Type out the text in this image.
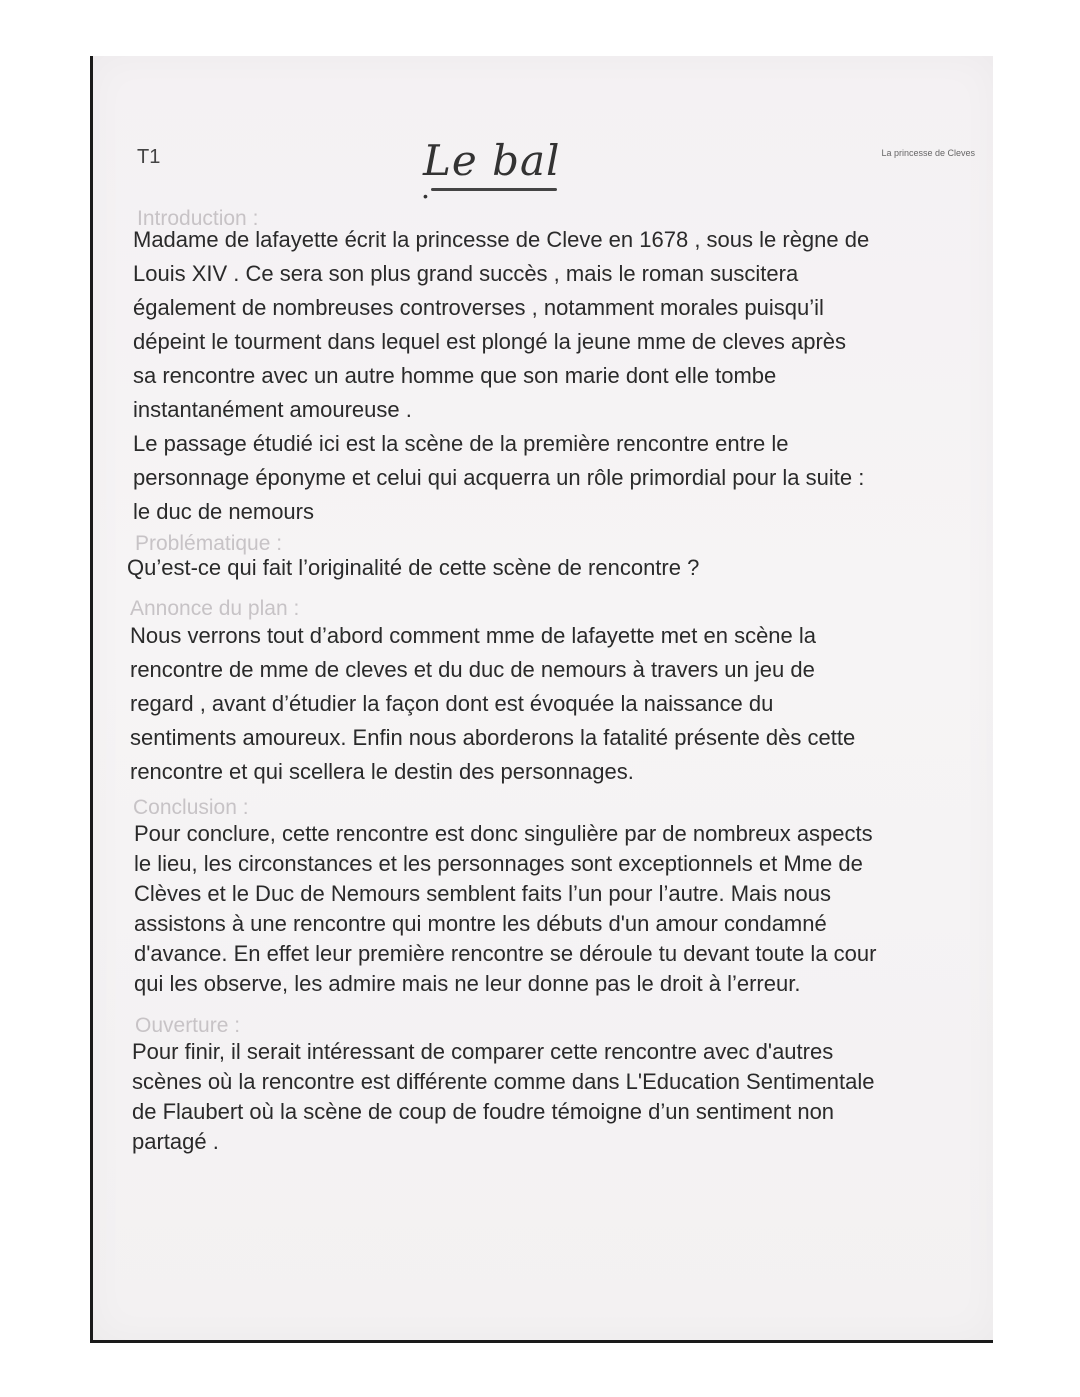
T1	Le bal
•
La princesse de Cleves
Introduction :
Madame de lafayette écrit la princesse de Cleve en 1678 , sous le règne de
Louis XIV . Ce sera son plus grand succès , mais le roman suscitera
également de nombreuses controverses , notamment morales puisqu’il
dépeint le tourment dans lequel est plongé la jeune mme de cleves après
sa rencontre avec un autre homme que son marie dont elle tombe
instantanément amoureuse .
Le passage étudié ici est la scène de la première rencontre entre le
personnage éponyme et celui qui acquerra un rôle primordial pour la suite :
le duc de nemours
Problématique :
Qu’est-ce qui fait l’originalité de cette scène de rencontre ?
Annonce du plan :
Nous verrons tout d’abord comment mme de lafayette met en scène la
rencontre de mme de cleves et du duc de nemours à travers un jeu de
regard , avant d’étudier la façon dont est évoquée la naissance du
sentiments amoureux. Enfin nous aborderons la fatalité présente dès cette
rencontre et qui scellera le destin des personnages.
Conclusion :
Pour conclure, cette rencontre est donc singulière par de nombreux aspects
le lieu, les circonstances et les personnages sont exceptionnels et Mme de
Clèves et le Duc de Nemours semblent faits l’un pour l’autre. Mais nous
assistons à une rencontre qui montre les débuts d'un amour condamné
d'avance. En effet leur première rencontre se déroule tu devant toute la cour
qui les observe, les admire mais ne leur donne pas le droit à l’erreur.
Ouverture :
Pour finir, il serait intéressant de comparer cette rencontre avec d'autres
scènes où la rencontre est différente comme dans L'Education Sentimentale
de Flaubert où la scène de coup de foudre témoigne d’un sentiment non
partagé .
